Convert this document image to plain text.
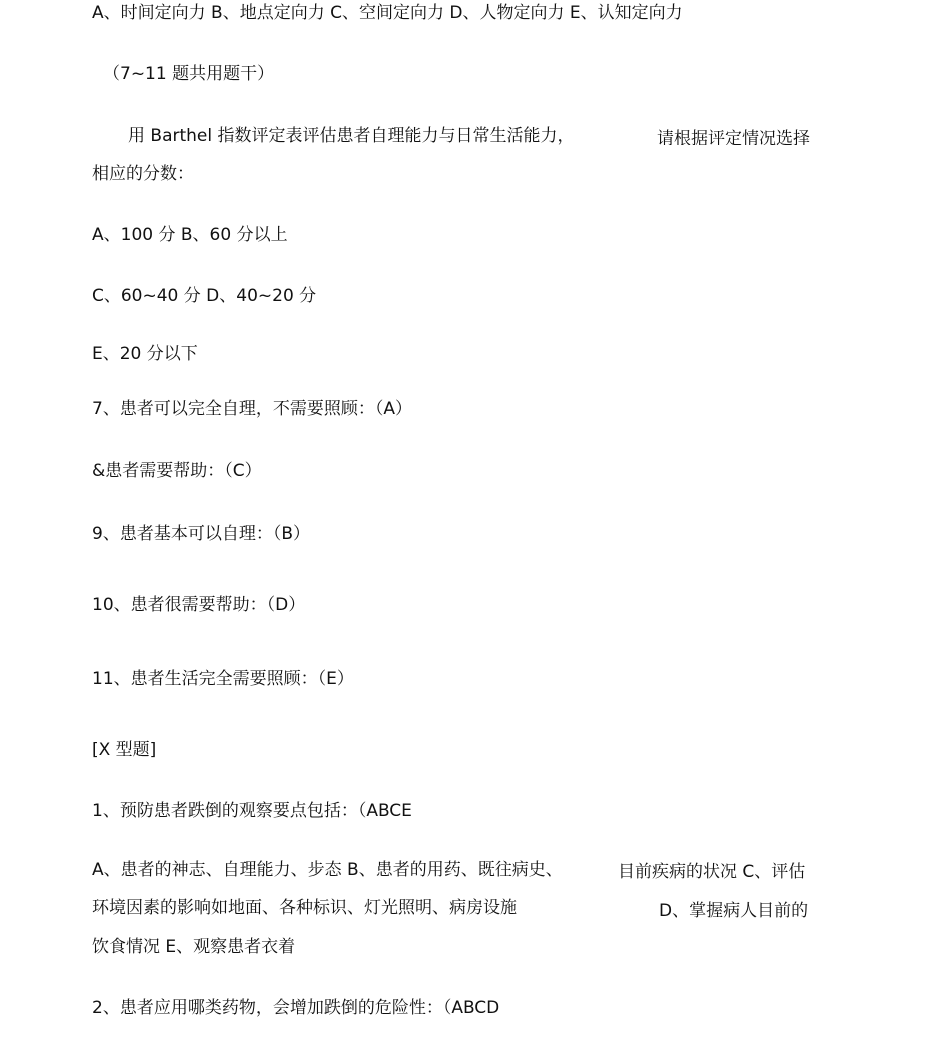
A、时间定向力 B、地点定向力 C、空间定向力 D、人物定向力 E、认知定向力
（7~11 题共用题干）
用 Barthel 指数评定表评估患者自理能力与日常生活能力，	请根据评定情况选择
相应的分数：
A、100 分 B、60 分以上
C、60~40 分 D、40~20 分
E、20 分以下
7、患者可以完全自理，不需要照顾：（A）
&患者需要帮助：（C）
9、患者基本可以自理：（B）
10、患者很需要帮助：（D）
11、患者生活完全需要照顾：（E）
[X 型题]
1、预防患者跌倒的观察要点包括：（ABCE
A、患者的神志、自理能力、步态 B、患者的用药、既往病史、	目前疾病的状况 C、评估
环境因素的影响如地面、各种标识、灯光照明、病房设施	D、掌握病人目前的
饮食情况 E、观察患者衣着
2、患者应用哪类药物，会增加跌倒的危险性：（ABCD
